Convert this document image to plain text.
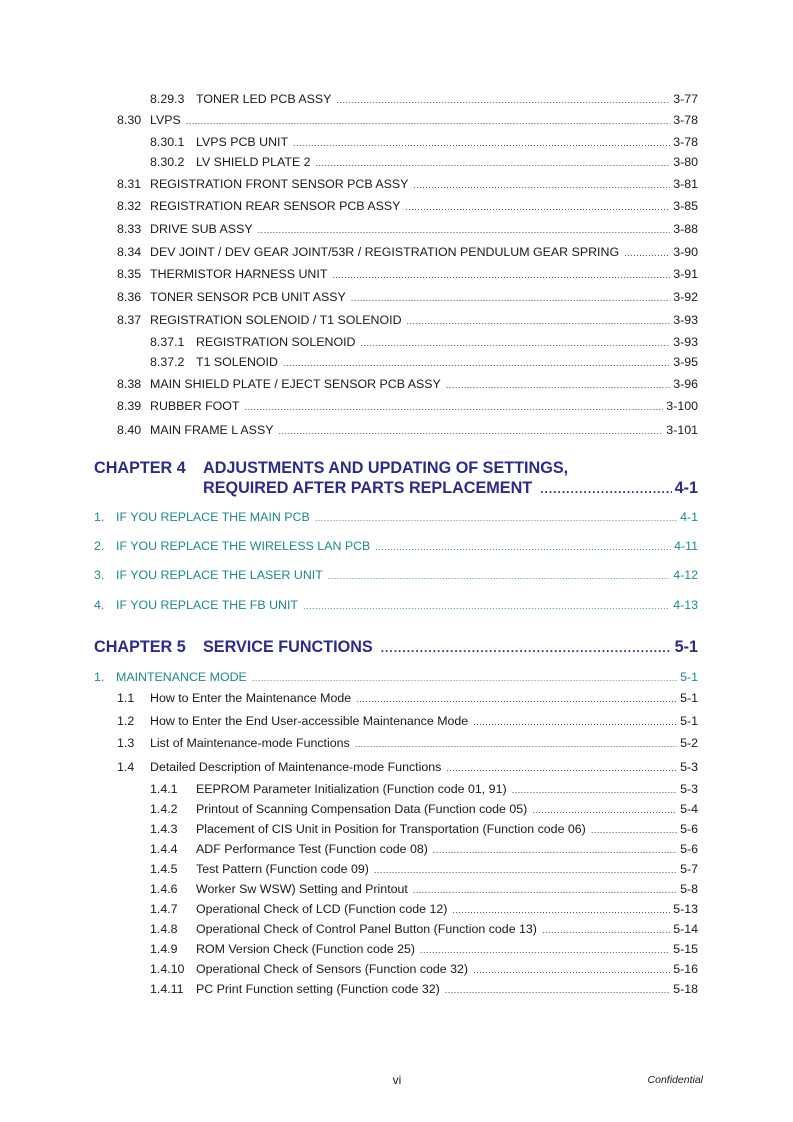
8.29.3 TONER LED PCB ASSY .....	3-77
8.30 LVPS .....	3-78
8.30.1 LVPS PCB UNIT .....	3-78
8.30.2 LV SHIELD PLATE 2 .....	3-80
8.31 REGISTRATION FRONT SENSOR PCB ASSY .....	3-81
8.32 REGISTRATION REAR SENSOR PCB ASSY .....	3-85
8.33 DRIVE SUB ASSY .....	3-88
8.34 DEV JOINT / DEV GEAR JOINT/53R / REGISTRATION PENDULUM GEAR SPRING .....	3-90
8.35 THERMISTOR HARNESS UNIT .....	3-91
8.36 TONER SENSOR PCB UNIT ASSY .....	3-92
8.37 REGISTRATION SOLENOID / T1 SOLENOID .....	3-93
8.37.1 REGISTRATION SOLENOID .....	3-93
8.37.2 T1 SOLENOID .....	3-95
8.38 MAIN SHIELD PLATE / EJECT SENSOR PCB ASSY .....	3-96
8.39 RUBBER FOOT .....	3-100
8.40 MAIN FRAME L ASSY .....	3-101
CHAPTER 4	ADJUSTMENTS AND UPDATING OF SETTINGS,
REQUIRED AFTER PARTS REPLACEMENT .....	4-1
1. IF YOU REPLACE THE MAIN PCB .....	4-1
2. IF YOU REPLACE THE WIRELESS LAN PCB .....	4-11
3. IF YOU REPLACE THE LASER UNIT .....	4-12
4. IF YOU REPLACE THE FB UNIT .....	4-13
CHAPTER 5	SERVICE FUNCTIONS .....	5-1
1. MAINTENANCE MODE .....	5-1
1.1	How to Enter the Maintenance Mode .....	5-1
1.2	How to Enter the End User-accessible Maintenance Mode .....	5-1
1.3	List of Maintenance-mode Functions .....	5-2
1.4	Detailed Description of Maintenance-mode Functions .....	5-3
1.4.1	EEPROM Parameter Initialization (Function code 01, 91) .....	5-3
1.4.2	Printout of Scanning Compensation Data (Function code 05) .....	5-4
1.4.3	Placement of CIS Unit in Position for Transportation (Function code 06) .....	5-6
1.4.4	ADF Performance Test (Function code 08) .....	5-6
1.4.5	Test Pattern (Function code 09) .....	5-7
1.4.6	Worker Sw WSW) Setting and Printout .....	5-8
1.4.7	Operational Check of LCD (Function code 12) .....	5-13
1.4.8	Operational Check of Control Panel Button (Function code 13) .....	5-14
1.4.9	ROM Version Check (Function code 25) .....	5-15
1.4.10 Operational Check of Sensors (Function code 32) .....	5-16
1.4.11	PC Print Function setting (Function code 32) .....	5-18
vi	Confidential
